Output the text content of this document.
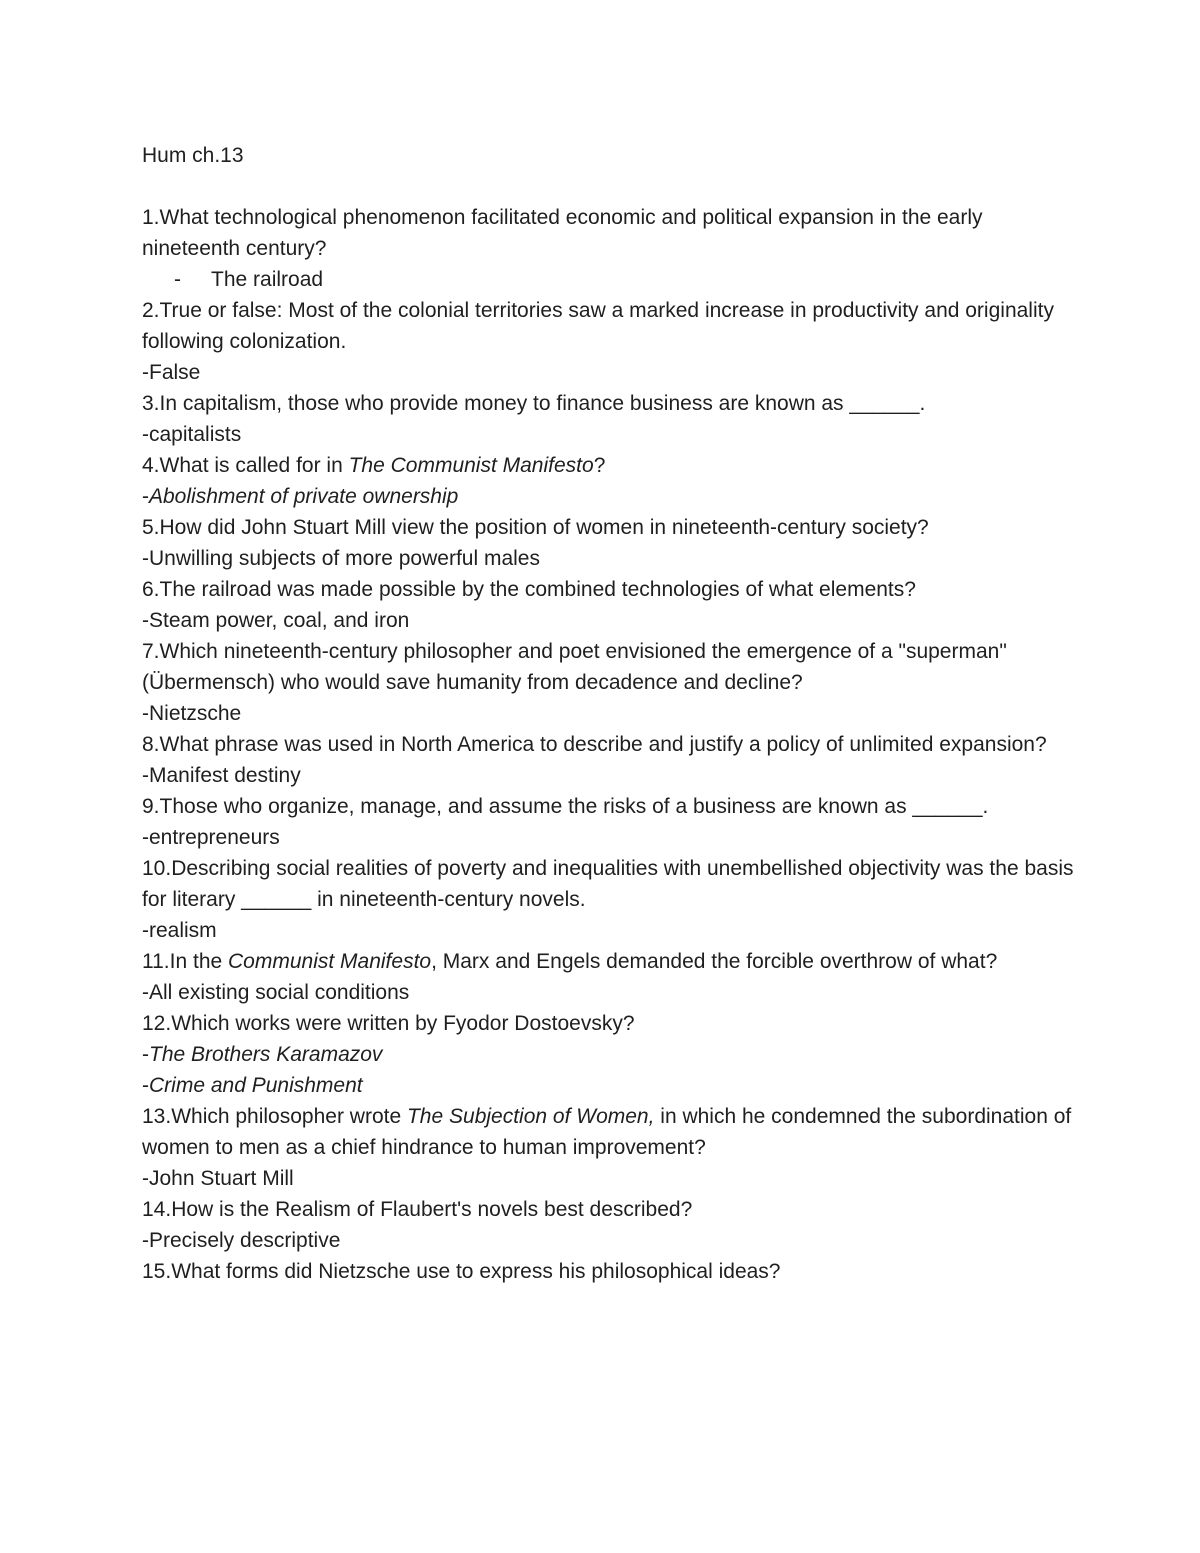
Hum ch.13
1.What technological phenomenon facilitated economic and political expansion in the early nineteenth century?
- The railroad
2.True or false: Most of the colonial territories saw a marked increase in productivity and originality following colonization.
-False
3.In capitalism, those who provide money to finance business are known as ______.
-capitalists
4.What is called for in The Communist Manifesto?
-Abolishment of private ownership
5.How did John Stuart Mill view the position of women in nineteenth-century society?
-Unwilling subjects of more powerful males
6.The railroad was made possible by the combined technologies of what elements?
-Steam power, coal, and iron
7.Which nineteenth-century philosopher and poet envisioned the emergence of a "superman" (Übermensch) who would save humanity from decadence and decline?
-Nietzsche
8.What phrase was used in North America to describe and justify a policy of unlimited expansion?
-Manifest destiny
9.Those who organize, manage, and assume the risks of a business are known as ______.
-entrepreneurs
10.Describing social realities of poverty and inequalities with unembellished objectivity was the basis for literary ______ in nineteenth-century novels.
-realism
11.In the Communist Manifesto, Marx and Engels demanded the forcible overthrow of what?
-All existing social conditions
12.Which works were written by Fyodor Dostoevsky?
-The Brothers Karamazov
-Crime and Punishment
13.Which philosopher wrote The Subjection of Women, in which he condemned the subordination of women to men as a chief hindrance to human improvement?
-John Stuart Mill
14.How is the Realism of Flaubert's novels best described?
-Precisely descriptive
15.What forms did Nietzsche use to express his philosophical ideas?
